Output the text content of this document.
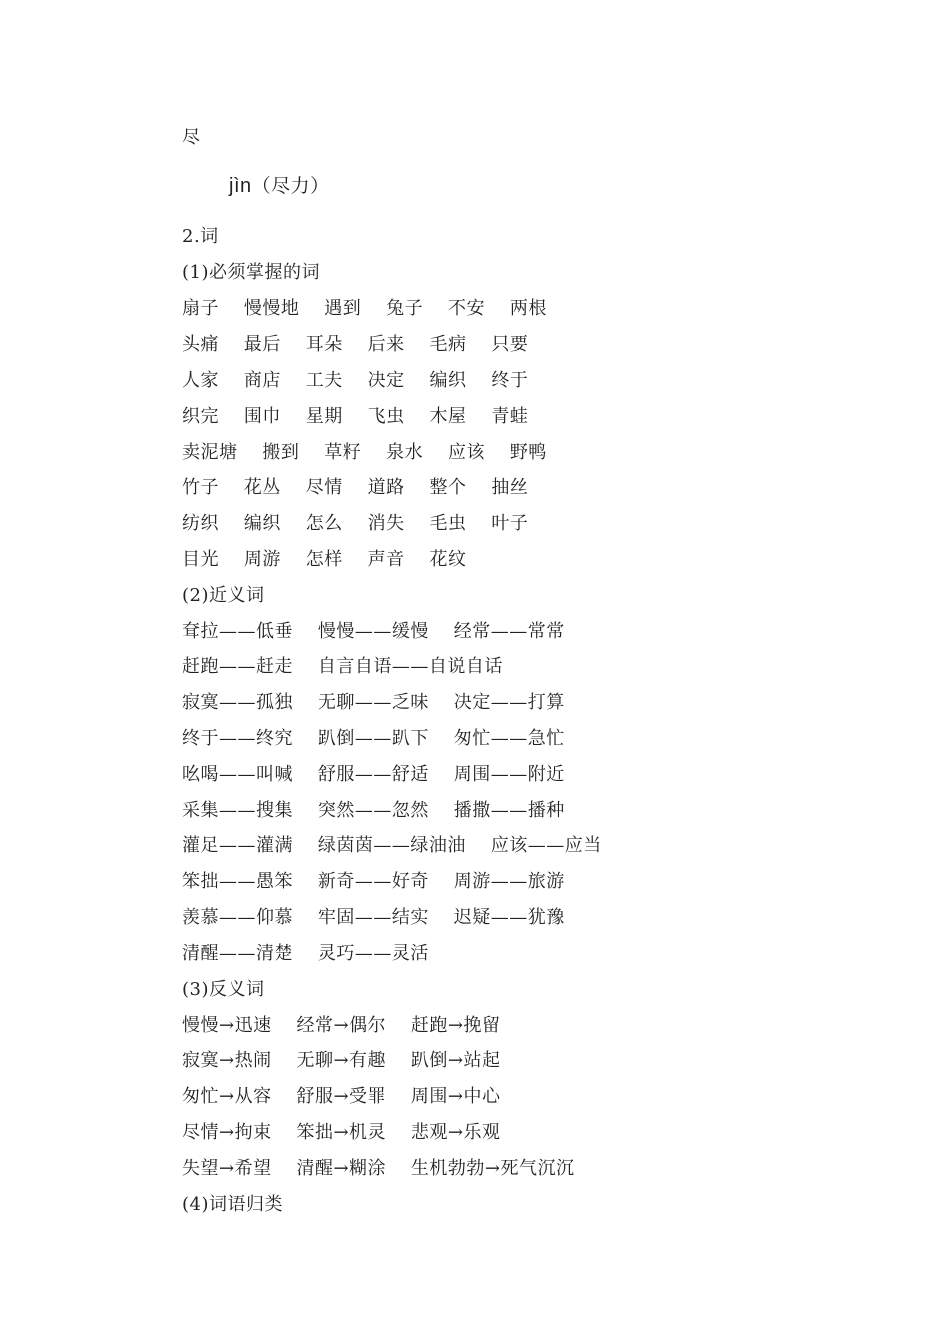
尽
jìn（尽力）
2.词
(1)必须掌握的词
扇子    慢慢地    遇到    兔子    不安    两根
头痛    最后    耳朵    后来    毛病    只要
人家    商店    工夫    决定    编织    终于
织完    围巾    星期    飞虫    木屋    青蛙
卖泥塘    搬到    草籽    泉水    应该    野鸭
竹子    花丛    尽情    道路    整个    抽丝
纺织    编织    怎么    消失    毛虫    叶子
目光    周游    怎样    声音    花纹
(2)近义词
耷拉——低垂    慢慢——缓慢    经常——常常
赶跑——赶走    自言自语——自说自话
寂寞——孤独    无聊——乏味    决定——打算
终于——终究    趴倒——趴下    匆忙——急忙
吆喝——叫喊    舒服——舒适    周围——附近
采集——搜集    突然——忽然    播撒——播种
灌足——灌满    绿茵茵——绿油油    应该——应当
笨拙——愚笨    新奇——好奇    周游——旅游
羡慕——仰慕    牢固——结实    迟疑——犹豫
清醒——清楚    灵巧——灵活
(3)反义词
慢慢→迅速    经常→偶尔    赶跑→挽留
寂寞→热闹    无聊→有趣    趴倒→站起
匆忙→从容    舒服→受罪    周围→中心
尽情→拘束    笨拙→机灵    悲观→乐观
失望→希望    清醒→糊涂    生机勃勃→死气沉沉
(4)词语归类
